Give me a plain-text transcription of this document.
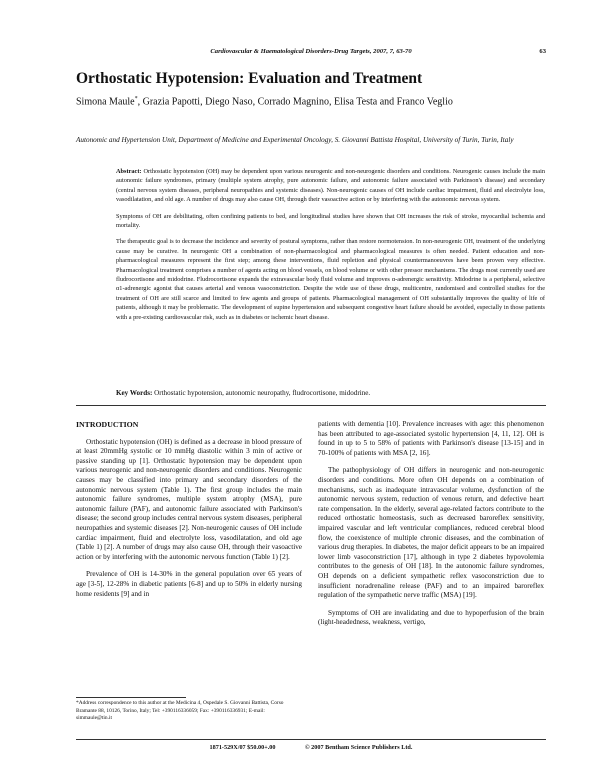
Cardiovascular & Haematological Disorders-Drug Targets, 2007, 7, 63-70	63
Orthostatic Hypotension: Evaluation and Treatment
Simona Maule*, Grazia Papotti, Diego Naso, Corrado Magnino, Elisa Testa and Franco Veglio
Autonomic and Hypertension Unit, Department of Medicine and Experimental Oncology, S. Giovanni Battista Hospital, University of Turin, Turin, Italy

Abstract: Orthostatic hypotension (OH) may be dependent upon various neurogenic and non-neurogenic disorders and conditions. Neurogenic causes include the main autonomic failure syndromes, primary (multiple system atrophy, pure autonomic failure, and autonomic failure associated with Parkinson's disease) and secondary (central nervous system diseases, peripheral neuropathies and systemic diseases). Non-neurogenic causes of OH include cardiac impairment, fluid and electrolyte loss, vasodilatation, and old age. A number of drugs may also cause OH, through their vasoactive action or by interfering with the autonomic nervous system.

Symptoms of OH are debilitating, often confining patients to bed, and longitudinal studies have shown that OH increases the risk of stroke, myocardial ischemia and mortality.

The therapeutic goal is to decrease the incidence and severity of postural symptoms, rather than restore normotension. In non-neurogenic OH, treatment of the underlying cause may be curative. In neurogenic OH a combination of non-pharmacological and pharmacological measures is often needed. Patient education and non-pharmacological measures represent the first step; among these interventions, fluid repletion and physical countermanoeuvres have been proven very effective. Pharmacological treatment comprises a number of agents acting on blood vessels, on blood volume or with other pressor mechanisms. The drugs most currently used are fludrocortisone and midodrine. Fludrocortisone expands the extravascular body fluid volume and improves α-adrenergic sensitivity. Midodrine is a peripheral, selective α1-adrenergic agonist that causes arterial and venous vasoconstriction. Despite the wide use of these drugs, multicentre, randomised and controlled studies for the treatment of OH are still scarce and limited to few agents and groups of patients. Pharmacological management of OH substantially improves the quality of life of patients, although it may be problematic. The development of supine hypertension and subsequent congestive heart failure should be avoided, especially in those patients with a pre-existing cardiovascular risk, such as in diabetes or ischemic heart disease.

Key Words: Orthostatic hypotension, autonomic neuropathy, fludrocortisone, midodrine.
INTRODUCTION

Orthostatic hypotension (OH) is defined as a decrease in blood pressure of at least 20mmHg systolic or 10 mmHg diastolic within 3 min of active or passive standing up [1]. Orthostatic hypotension may be dependent upon various neurogenic and non-neurogenic disorders and conditions. Neurogenic causes may be classified into primary and secondary disorders of the autonomic nervous system (Table 1). The first group includes the main autonomic failure syndromes, multiple system atrophy (MSA), pure autonomic failure (PAF), and autonomic failure associated with Parkinson's disease; the second group includes central nervous system diseases, peripheral neuropathies and systemic diseases [2]. Non-neurogenic causes of OH include cardiac impairment, fluid and electrolyte loss, vasodilatation, and old age (Table 1) [2]. A number of drugs may also cause OH, through their vasoactive action or by interfering with the autonomic nervous function (Table 1) [2].

Prevalence of OH is 14-30% in the general population over 65 years of age [3-5], 12-28% in diabetic patients [6-8] and up to 50% in elderly nursing home residents [9] and in

patients with dementia [10]. Prevalence increases with age: this phenomenon has been attributed to age-associated systolic hypertension [4, 11, 12]. OH is found in up to 5 to 58% of patients with Parkinson's disease [13-15] and in 70-100% of patients with MSA [2, 16].

The pathophysiology of OH differs in neurogenic and non-neurogenic disorders and conditions. More often OH depends on a combination of mechanisms, such as inadequate intravascular volume, dysfunction of the autonomic nervous system, reduction of venous return, and defective heart rate compensation. In the elderly, several age-related factors contribute to the reduced orthostatic homeostasis, such as decreased baroreflex sensitivity, impaired vascular and left ventricular compliances, reduced cerebral blood flow, the coexistence of multiple chronic diseases, and the combination of various drug therapies. In diabetes, the major deficit appears to be an impaired lower limb vasoconstriction [17], although in type 2 diabetes hypovolemia contributes to the genesis of OH [18]. In the autonomic failure syndromes, OH depends on a deficient sympathetic reflex vasoconstriction due to insufficient noradrenaline release (PAF) and to an impaired baroreflex regulation of the sympathetic nerve traffic (MSA) [19].

Symptoms of OH are invalidating and due to hypoperfusion of the brain (light-headedness, weakness, vertigo,

*Address correspondence to this author at the Medicina 4, Ospedale S. Giovanni Battista, Corso Bramante 88, 10126, Torino, Italy; Tel: +390116336059; Fax: +390116336931; E-mail: simmaule@tin.it
1871-529X/07 $50.00+.00	© 2007 Bentham Science Publishers Ltd.
